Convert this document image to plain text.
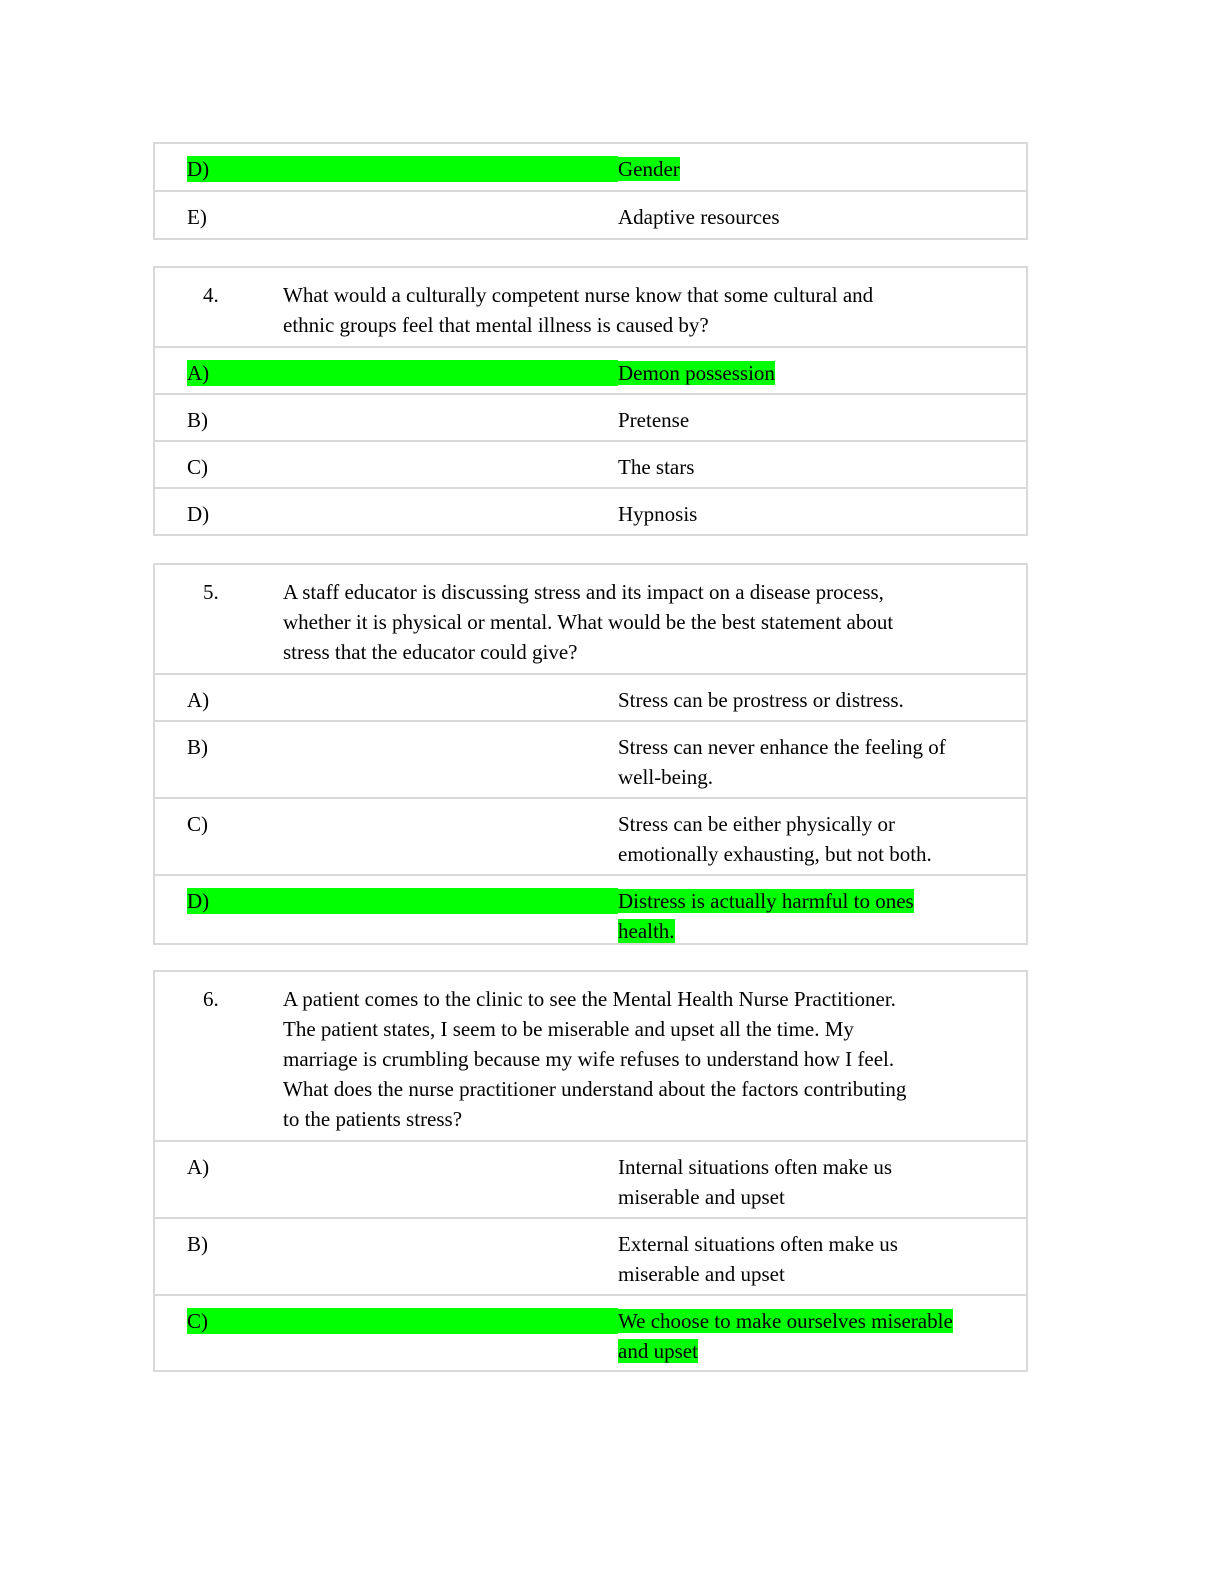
D)	Gender
E)	Adaptive resources
4.	What would a culturally competent nurse know that some cultural and
ethnic groups feel that mental illness is caused by?
A)	Demon possession
B)	Pretense
C)	The stars
D)	Hypnosis
5.	A staff educator is discussing stress and its impact on a disease process,
whether it is physical or mental. What would be the best statement about
stress that the educator could give?
A)	Stress can be prostress or distress.
B)	Stress can never enhance the feeling of
well-being.
C)	Stress can be either physically or
emotionally exhausting, but not both.
D)	Distress is actually harmful to ones
health.
6.	A patient comes to the clinic to see the Mental Health Nurse Practitioner.
The patient states, I seem to be miserable and upset all the time. My
marriage is crumbling because my wife refuses to understand how I feel.
What does the nurse practitioner understand about the factors contributing
to the patients stress?
A)	Internal situations often make us
miserable and upset
B)	External situations often make us
miserable and upset
C)	We choose to make ourselves miserable
and upset
